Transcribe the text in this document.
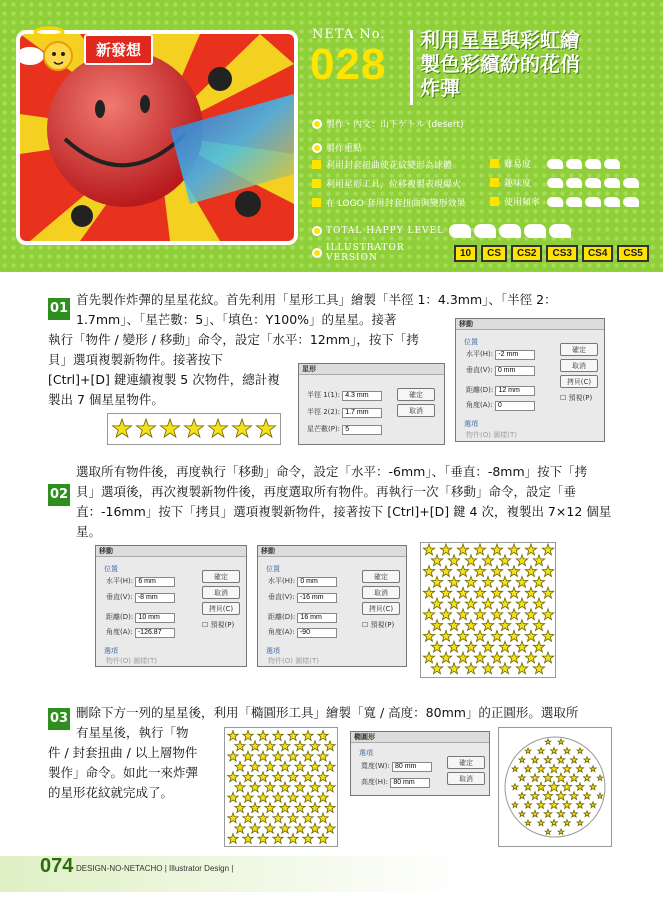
新發想
NETA No.
028 利用星星與彩虹繪
製色彩繽紛的花俏
炸彈
製作・內文：山下ゲトル (desert)
製作重點
利用封套扭曲使花紋變形為球體
利用星形工具，位移複製表現爆火
在 LOGO 套用封套扭曲與變形效果
難易度
趣味度
使用頻率
TOTAL HAPPY LEVEL
ILLUSTRATOR VERSION	10	CS	CS2	CS3	CS4	CS5
01
首先製作炸彈的星星花紋。首先利用「星形工具」繪製「半徑 1：4.3mm」、「半徑 2：
1.7mm」、「星芒數：5」、「填色：Y100%」的星星。接著
執行「物件 / 變形 / 移動」命令，設定「水平：12mm」，按下「拷
貝」選項複製新物件。接著按下
[Ctrl]+[D] 鍵連續複製 5 次物件，總計複
製出 7 個星星物件。
星形
半徑 1(1): 4.3 mm
半徑 2(2): 1.7 mm
星芒數(P): 5
確定
取消
移動
位置
水平(H): -2 mm
垂直(V): 0 mm
距離(D): 12 mm
角度(A): 0
選項
物件(O) 圖樣(T)
確定
取消
拷貝(C)
☐ 預視(P)
02
選取所有物件後，再度執行「移動」命令，設定「水平：-6mm」、「垂直：-8mm」按下「拷
貝」選項後，再次複製新物件後，再度選取所有物件。再執行一次「移動」命令，設定「垂
直：-16mm」按下「拷貝」選項複製新物件，接著按下 [Ctrl]+[D] 鍵 4 次，複製出 7×12 個星星。
移動
位置
水平(H): 6 mm
垂直(V): -8 mm
距離(D): 10 mm
角度(A): -126.87
選項
物件(O) 圖樣(T)
確定
取消
拷貝(C)
☐ 預視(P)
移動
位置
水平(H): 0 mm
垂直(V): -16 mm
距離(D): 16 mm
角度(A): -90
選項
物件(O) 圖樣(T)
確定
取消
拷貝(C)
☐ 預視(P)
03 刪除下方一列的星星後，利用「橢圓形工具」繪製「寬 / 高度：80mm」的正圓形。選取所
有星星後，執行「物
件 / 封套扭曲 / 以上層物件
製作」命令。如此一來炸彈
的星形花紋就完成了。
橢圓形
選項
寬度(W): 80 mm
高度(H): 80 mm
確定
取消
074 DESIGN-NO-NETACHO | Illustrator Design |
